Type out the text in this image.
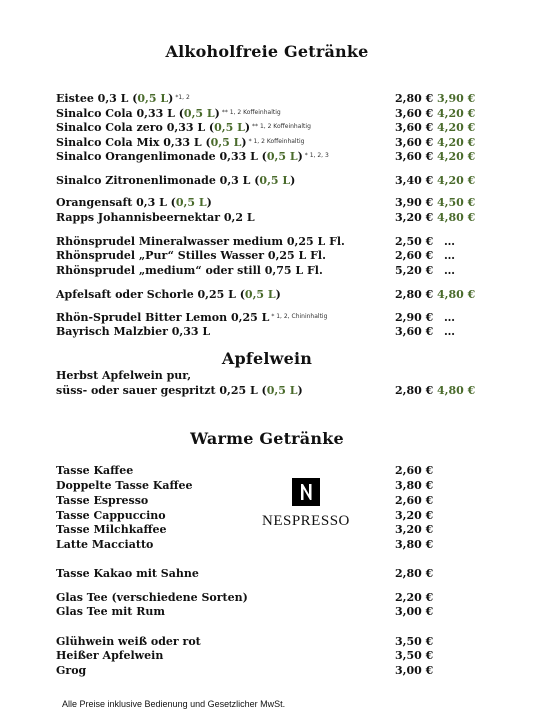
Alkoholfreie Getränke
Eistee 0,3 L (0,5 L) $^{*1, 2}$	2,80 € 3,90 €
Sinalco Cola 0,33 L (0,5 L) $^{** 1, 2 Koffeinhaltig}$	3,60 € 4,20 €
Sinalco Cola zero 0,33 L (0,5 L) $^{** 1, 2 Koffeinhaltig}$	3,60 € 4,20 €
Sinalco Cola Mix 0,33 L (0,5 L) $^{* 1, 2 Koffeinhaltig}$	3,60 € 4,20 €
Sinalco Orangenlimonade 0,33 L (0,5 L) $^{* 1, 2, 3}$	3,60 € 4,20 €
Sinalco Zitronenlimonade 0,3 L (0,5 L)	3,40 € 4,20 €
Orangensaft 0,3 L (0,5 L)	3,90 € 4,50 €
Rapps Johannisbeernektar 0,2 L	3,20 € 4,80 €
Rhönsprudel Mineralwasser medium 0,25 L Fl.	2,50 € …
Rhönsprudel „Pur“ Stilles Wasser 0,25 L Fl.	2,60 € …
Rhönsprudel „medium“ oder still 0,75 L Fl.	5,20 € …
Apfelsaft oder Schorle 0,25 L (0,5 L)	2,80 € 4,80 €
Rhön-Sprudel Bitter Lemon 0,25 L $^{* 1, 2, Chininhaltig}$	2,90 € …
Bayrisch Malzbier 0,33 L	3,60 € …
Apfelwein
Herbst Apfelwein pur,
süss- oder sauer gespritzt 0,25 L (0,5 L)	2,80 € 4,80 €
Warme Getränke
Tasse Kaffee	2,60 €
Doppelte Tasse Kaffee	3,80 €
Tasse Espresso	2,60 €
Tasse Cappuccino	3,20 €
Tasse Milchkaffee	3,20 €
Latte Macciatto	3,80 €
Tasse Kakao mit Sahne	2,80 €
Glas Tee (verschiedene Sorten)	2,20 €
Glas Tee mit Rum	3,00 €
Glühwein weiß oder rot	3,50 €
Heißer Apfelwein	3,50 €
Grog	3,00 €
NESPRESSO
Alle Preise inklusive Bedienung und Gesetzlicher MwSt.
